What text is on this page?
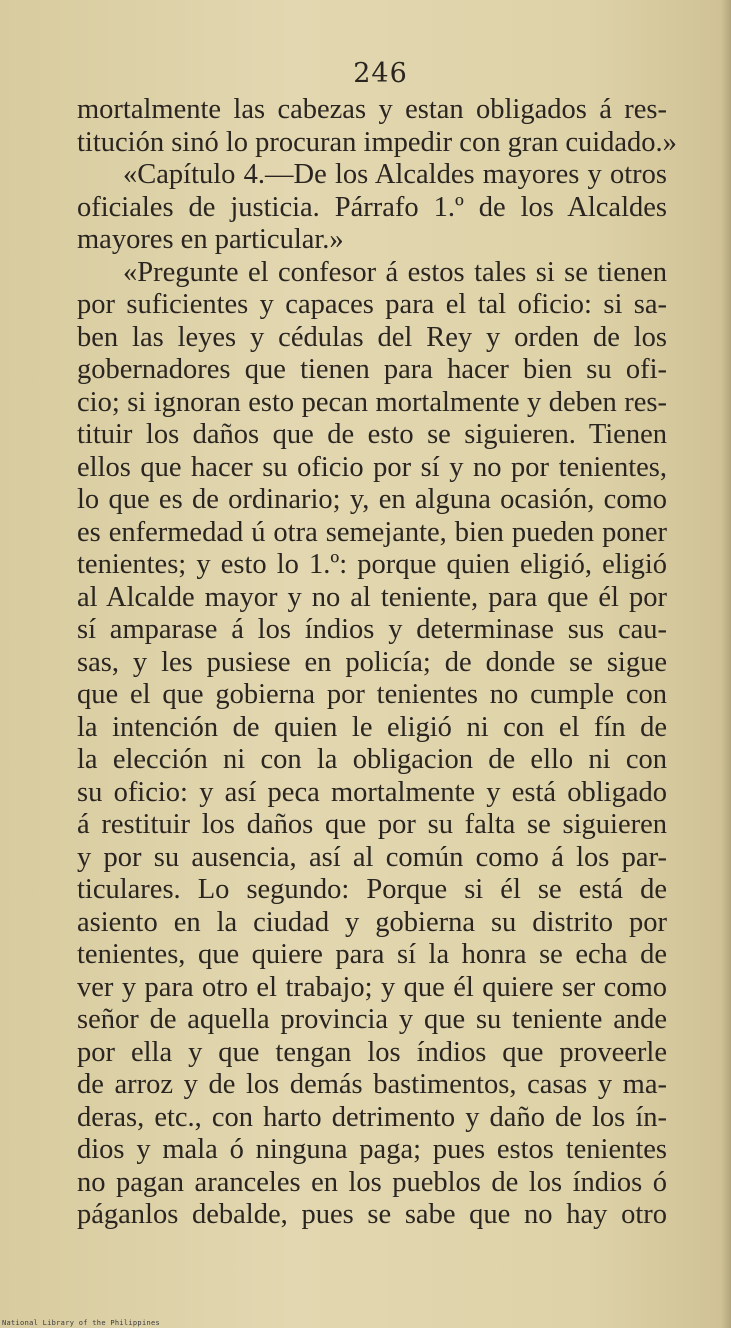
246
mortalmente las cabezas y estan obligados á res-
titución sinó lo procuran impedir con gran cuidado.»
«Capítulo 4.—De los Alcaldes mayores y otros
oficiales de justicia. Párrafo 1.º de los Alcaldes
mayores en particular.»
«Pregunte el confesor á estos tales si se tienen
por suficientes y capaces para el tal oficio: si sa-
ben las leyes y cédulas del Rey y orden de los
gobernadores que tienen para hacer bien su ofi-
cio; si ignoran esto pecan mortalmente y deben res-
tituir los daños que de esto se siguieren. Tienen
ellos que hacer su oficio por sí y no por tenientes,
lo que es de ordinario; y, en alguna ocasión, como
es enfermedad ú otra semejante, bien pueden poner
tenientes; y esto lo 1.º: porque quien eligió, eligió
al Alcalde mayor y no al teniente, para que él por
sí amparase á los índios y determinase sus cau-
sas, y les pusiese en policía; de donde se sigue
que el que gobierna por tenientes no cumple con
la intención de quien le eligió ni con el fín de
la elección ni con la obligacion de ello ni con
su oficio: y así peca mortalmente y está obligado
á restituir los daños que por su falta se siguieren
y por su ausencia, así al común como á los par-
ticulares. Lo segundo: Porque si él se está de
asiento en la ciudad y gobierna su distrito por
tenientes, que quiere para sí la honra se echa de
ver y para otro el trabajo; y que él quiere ser como
señor de aquella provincia y que su teniente ande
por ella y que tengan los índios que proveerle
de arroz y de los demás bastimentos, casas y ma-
deras, etc., con harto detrimento y daño de los ín-
dios y mala ó ninguna paga; pues estos tenientes
no pagan aranceles en los pueblos de los índios ó
páganlos debalde, pues se sabe que no hay otro
National Library of the Philippines
